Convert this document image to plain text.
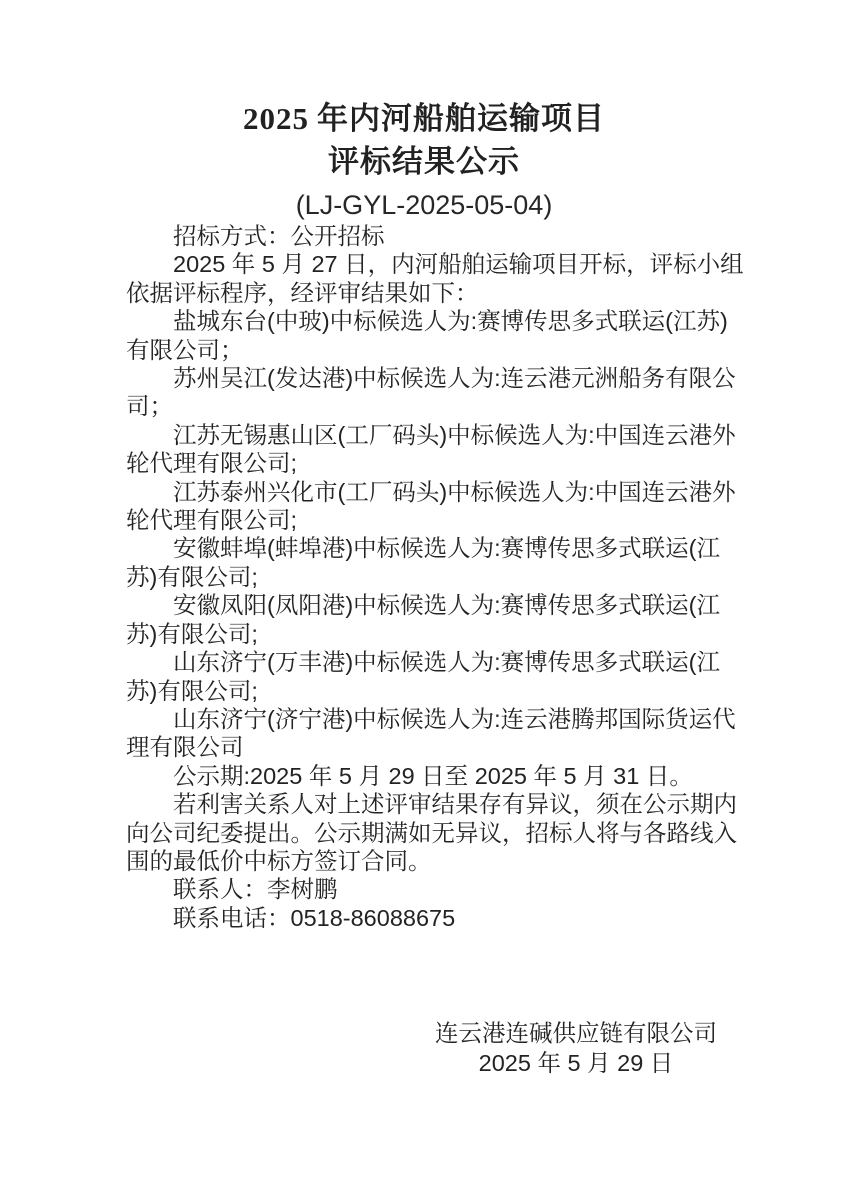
2025 年内河船舶运输项目
评标结果公示
(LJ-GYL-2025-05-04)
招标方式：公开招标
2025 年 5 月 27 日，内河船舶运输项目开标，评标小组
依据评标程序，经评审结果如下：
盐城东台(中玻)中标候选人为:赛博传思多式联运(江苏)
有限公司；
苏州吴江(发达港)中标候选人为:连云港元洲船务有限公
司；
江苏无锡惠山区(工厂码头)中标候选人为:中国连云港外
轮代理有限公司;
江苏泰州兴化市(工厂码头)中标候选人为:中国连云港外
轮代理有限公司;
安徽蚌埠(蚌埠港)中标候选人为:赛博传思多式联运(江
苏)有限公司;
安徽凤阳(凤阳港)中标候选人为:赛博传思多式联运(江
苏)有限公司;
山东济宁(万丰港)中标候选人为:赛博传思多式联运(江
苏)有限公司;
山东济宁(济宁港)中标候选人为:连云港腾邦国际货运代
理有限公司
公示期:2025 年 5 月 29 日至 2025 年 5 月 31 日。
若利害关系人对上述评审结果存有异议，须在公示期内
向公司纪委提出。公示期满如无异议，招标人将与各路线入
围的最低价中标方签订合同。
联系人：李树鹏
联系电话：0518-86088675
连云港连碱供应链有限公司
2025 年 5 月 29 日
